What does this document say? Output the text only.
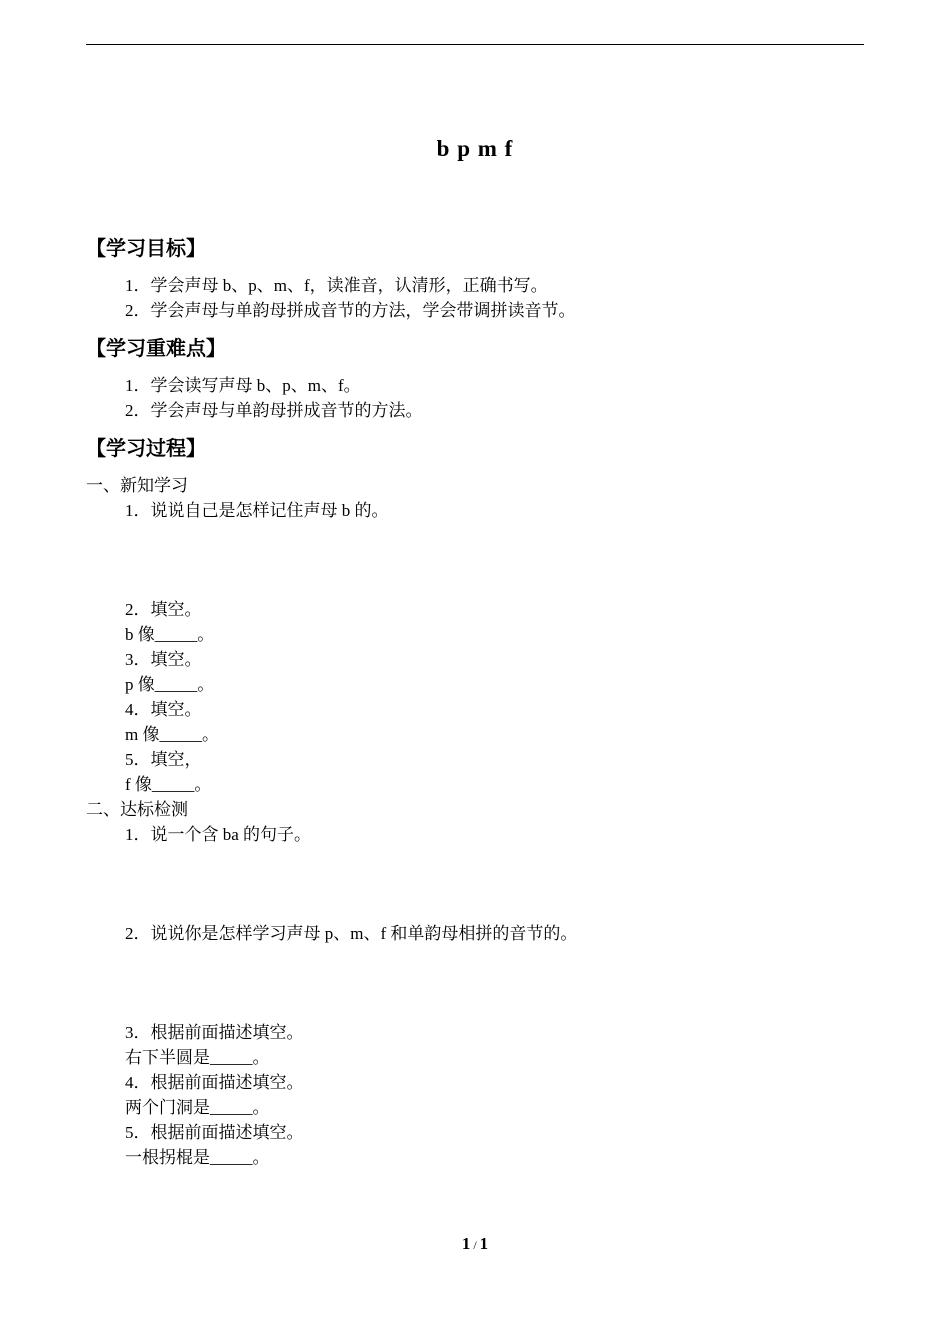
b p m f
【学习目标】
1．学会声母 b、p、m、f，读准音，认清形，正确书写。
2．学会声母与单韵母拼成音节的方法，学会带调拼读音节。
【学习重难点】
1．学会读写声母 b、p、m、f。
2．学会声母与单韵母拼成音节的方法。
【学习过程】
一、新知学习
1．说说自己是怎样记住声母 b 的。
2．填空。
b 像_____。
3．填空。
p 像_____。
4．填空。
m 像_____。
5．填空，
f 像_____。
二、达标检测
1．说一个含 ba 的句子。
2．说说你是怎样学习声母 p、m、f 和单韵母相拼的音节的。
3．根据前面描述填空。
右下半圆是_____。
4．根据前面描述填空。
两个门洞是_____。
5．根据前面描述填空。
一根拐棍是_____。
1 / 1
